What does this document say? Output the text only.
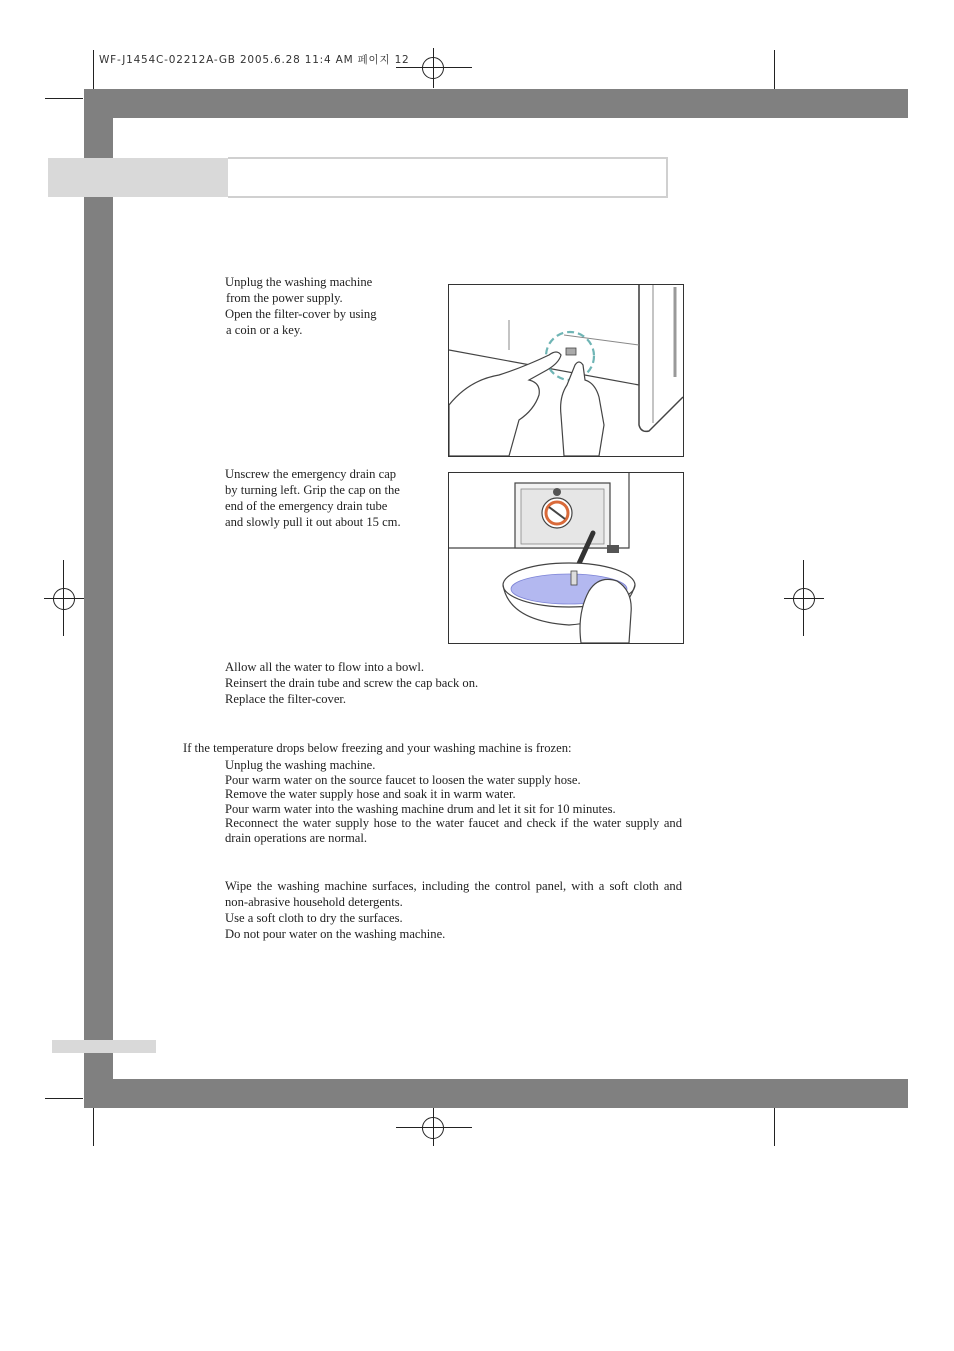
WF-J1454C-02212A-GB 2005.6.28 11:4 AM 페이지 12
Unplug the washing machine
from the power supply.
Open the filter-cover by using
a coin or a key.
Unscrew the emergency drain cap
by turning left. Grip the cap on the
end of the emergency drain tube
and slowly pull it out about 15 cm.
Allow all the water to flow into a bowl.
Reinsert the drain tube and screw the cap back on.
Replace the filter-cover.
If the temperature drops below freezing and your washing machine is frozen:
Unplug the washing machine.
Pour warm water on the source faucet to loosen the water supply hose.
Remove the water supply hose and soak it in warm water.
Pour warm water into the washing machine drum and let it sit for 10 minutes.
Reconnect the water supply hose to the water faucet and check if the water supply and drain operations are normal.
Wipe the washing machine surfaces, including the control panel, with a soft cloth and non-abrasive household detergents.
Use a soft cloth to dry the surfaces.
Do not pour water on the washing machine.
